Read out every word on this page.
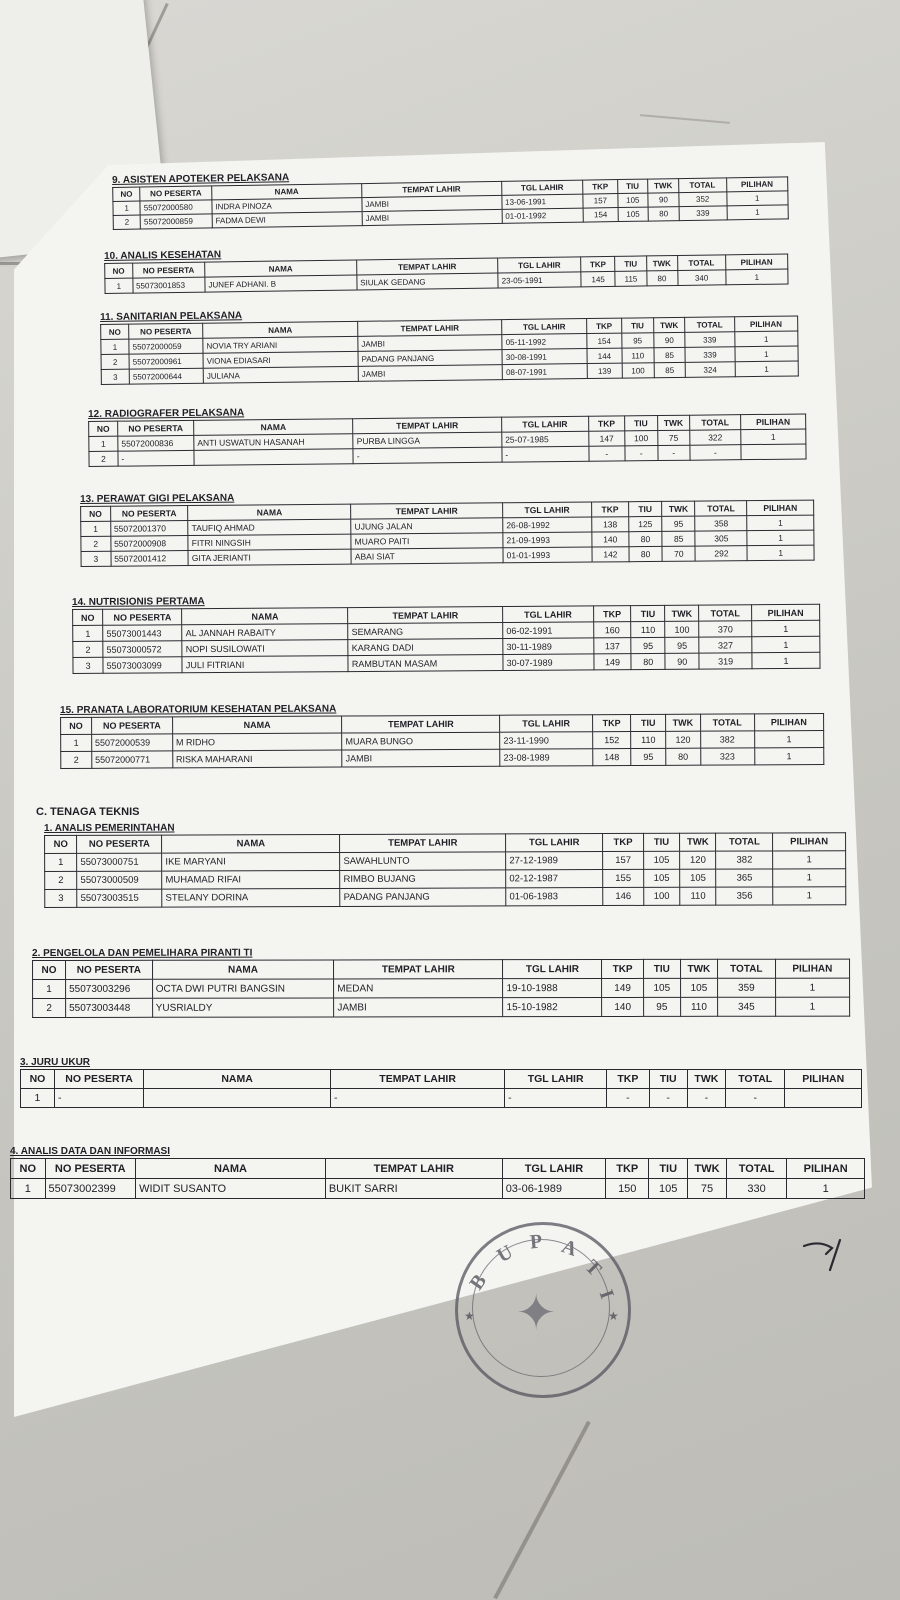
9. ASISTEN APOTEKER PELAKSANA
NO	NO PESERTA	NAMA	TEMPAT LAHIR	TGL LAHIR	TKP	TIU	TWK	TOTAL	PILIHAN
1	55072000580	INDRA PINOZA	JAMBI	13-06-1991	157	105	90	352	1
2	55072000859	FADMA DEWI	JAMBI	01-01-1992	154	105	80	339	1
10. ANALIS KESEHATAN
NO	NO PESERTA	NAMA	TEMPAT LAHIR	TGL LAHIR	TKP	TIU	TWK	TOTAL	PILIHAN
1	55073001853	JUNEF ADHANI. B	SIULAK GEDANG	23-05-1991	145	115	80	340	1
11. SANITARIAN PELAKSANA
NO	NO PESERTA	NAMA	TEMPAT LAHIR	TGL LAHIR	TKP	TIU	TWK	TOTAL	PILIHAN
1	55072000059	NOVIA TRY ARIANI	JAMBI	05-11-1992	154	95	90	339	1
2	55072000961	VIONA EDIASARI	PADANG PANJANG	30-08-1991	144	110	85	339	1
3	55072000644	JULIANA	JAMBI	08-07-1991	139	100	85	324	1
12. RADIOGRAFER PELAKSANA
NO	NO PESERTA	NAMA	TEMPAT LAHIR	TGL LAHIR	TKP	TIU	TWK	TOTAL	PILIHAN
1	55072000836	ANTI USWATUN HASANAH	PURBA LINGGA	25-07-1985	147	100	75	322	1
2	-		-	-	-	-	-	-	
13. PERAWAT GIGI PELAKSANA
NO	NO PESERTA	NAMA	TEMPAT LAHIR	TGL LAHIR	TKP	TIU	TWK	TOTAL	PILIHAN
1	55072001370	TAUFIQ AHMAD	UJUNG JALAN	26-08-1992	138	125	95	358	1
2	55072000908	FITRI NINGSIH	MUARO PAITI	21-09-1993	140	80	85	305	1
3	55072001412	GITA JERIANTI	ABAI SIAT	01-01-1993	142	80	70	292	1
14. NUTRISIONIS PERTAMA
NO	NO PESERTA	NAMA	TEMPAT LAHIR	TGL LAHIR	TKP	TIU	TWK	TOTAL	PILIHAN
1	55073001443	AL JANNAH RABAITY	SEMARANG	06-02-1991	160	110	100	370	1
2	55073000572	NOPI SUSILOWATI	KARANG DADI	30-11-1989	137	95	95	327	1
3	55073003099	JULI FITRIANI	RAMBUTAN MASAM	30-07-1989	149	80	90	319	1
15. PRANATA LABORATORIUM KESEHATAN PELAKSANA
NO	NO PESERTA	NAMA	TEMPAT LAHIR	TGL LAHIR	TKP	TIU	TWK	TOTAL	PILIHAN
1	55072000539	M RIDHO	MUARA BUNGO	23-11-1990	152	110	120	382	1
2	55072000771	RISKA MAHARANI	JAMBI	23-08-1989	148	95	80	323	1
1. ANALIS PEMERINTAHAN
NO	NO PESERTA	NAMA	TEMPAT LAHIR	TGL LAHIR	TKP	TIU	TWK	TOTAL	PILIHAN
1	55073000751	IKE MARYANI	SAWAHLUNTO	27-12-1989	157	105	120	382	1
2	55073000509	MUHAMAD RIFAI	RIMBO BUJANG	02-12-1987	155	105	105	365	1
3	55073003515	STELANY DORINA	PADANG PANJANG	01-06-1983	146	100	110	356	1
2. PENGELOLA DAN PEMELIHARA PIRANTI TI
NO	NO PESERTA	NAMA	TEMPAT LAHIR	TGL LAHIR	TKP	TIU	TWK	TOTAL	PILIHAN
1	55073003296	OCTA DWI PUTRI BANGSIN	MEDAN	19-10-1988	149	105	105	359	1
2	55073003448	YUSRIALDY	JAMBI	15-10-1982	140	95	110	345	1
3. JURU UKUR
NO	NO PESERTA	NAMA	TEMPAT LAHIR	TGL LAHIR	TKP	TIU	TWK	TOTAL	PILIHAN
1	-		-	-	-	-	-	-	
4. ANALIS DATA DAN INFORMASI
NO	NO PESERTA	NAMA	TEMPAT LAHIR	TGL LAHIR	TKP	TIU	TWK	TOTAL	PILIHAN
1	55073002399	WIDIT SUSANTO	BUKIT SARRI	03-06-1989	150	105	75	330	1
C. TENAGA TEKNIS
B
U P A
T
I
★	★
✦
